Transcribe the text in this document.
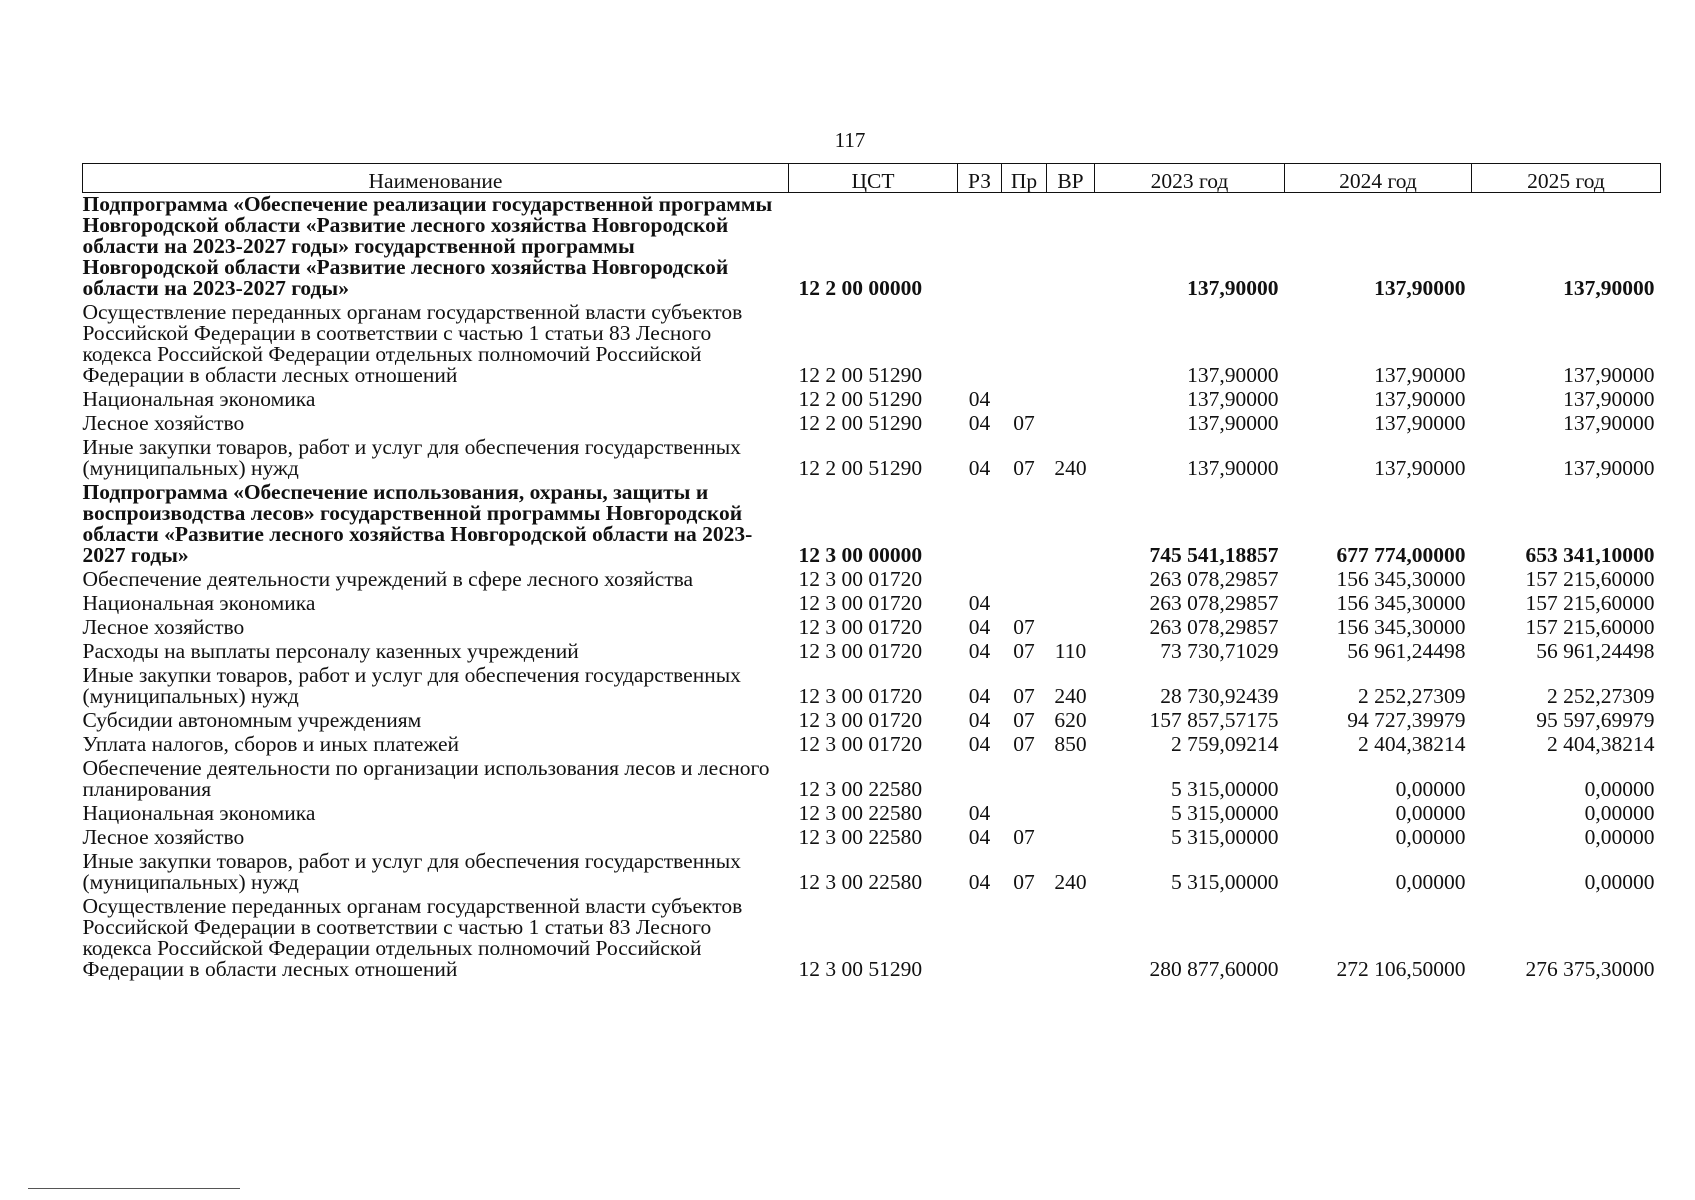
117
Наименование	ЦСТ	РЗ	Пр	ВР	2023 год	2024 год	2025 год
Подпрограмма «Обеспечение реализации государственной программы Новгородской области «Развитие лесного хозяйства Новгородской области на 2023-2027 годы» государственной программы Новгородской области «Развитие лесного хозяйства Новгородской области на 2023-2027 годы»	12 2 00 00000				137,90000	137,90000	137,90000
Осуществление переданных органам государственной власти субъектов Российской Федерации в соответствии с частью 1 статьи 83 Лесного кодекса Российской Федерации отдельных полномочий Российской Федерации в области лесных отношений	12 2 00 51290				137,90000	137,90000	137,90000
Национальная экономика	12 2 00 51290	04			137,90000	137,90000	137,90000
Лесное хозяйство	12 2 00 51290	04	07		137,90000	137,90000	137,90000
Иные закупки товаров, работ и услуг для обеспечения государственных (муниципальных) нужд	12 2 00 51290	04	07	240	137,90000	137,90000	137,90000
Подпрограмма «Обеспечение использования, охраны, защиты и воспроизводства лесов» государственной программы Новгородской области «Развитие лесного хозяйства Новгородской области на 2023-2027 годы»	12 3 00 00000				745 541,18857	677 774,00000	653 341,10000
Обеспечение деятельности учреждений в сфере лесного хозяйства	12 3 00 01720				263 078,29857	156 345,30000	157 215,60000
Национальная экономика	12 3 00 01720	04			263 078,29857	156 345,30000	157 215,60000
Лесное хозяйство	12 3 00 01720	04	07		263 078,29857	156 345,30000	157 215,60000
Расходы на выплаты персоналу казенных учреждений	12 3 00 01720	04	07	110	73 730,71029	56 961,24498	56 961,24498
Иные закупки товаров, работ и услуг для обеспечения государственных (муниципальных) нужд	12 3 00 01720	04	07	240	28 730,92439	2 252,27309	2 252,27309
Субсидии автономным учреждениям	12 3 00 01720	04	07	620	157 857,57175	94 727,39979	95 597,69979
Уплата налогов, сборов и иных платежей	12 3 00 01720	04	07	850	2 759,09214	2 404,38214	2 404,38214
Обеспечение деятельности по организации использования лесов и лесного планирования	12 3 00 22580				5 315,00000	0,00000	0,00000
Национальная экономика	12 3 00 22580	04			5 315,00000	0,00000	0,00000
Лесное хозяйство	12 3 00 22580	04	07		5 315,00000	0,00000	0,00000
Иные закупки товаров, работ и услуг для обеспечения государственных (муниципальных) нужд	12 3 00 22580	04	07	240	5 315,00000	0,00000	0,00000
Осуществление переданных органам государственной власти субъектов Российской Федерации в соответствии с частью 1 статьи 83 Лесного кодекса Российской Федерации отдельных полномочий Российской Федерации в области лесных отношений	12 3 00 51290				280 877,60000	272 106,50000	276 375,30000
